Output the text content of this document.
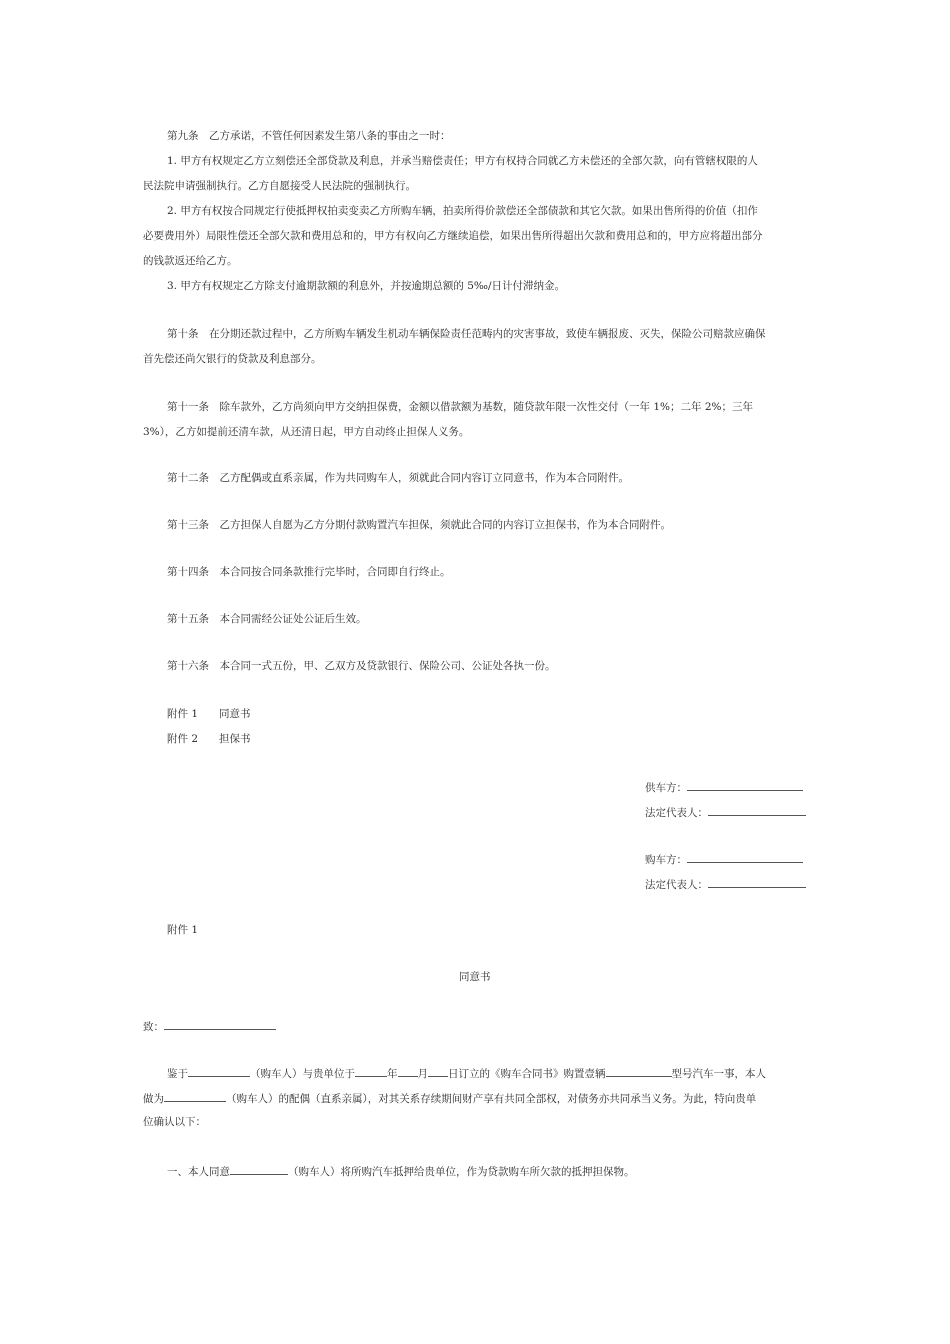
第九条　乙方承诺，不管任何因素发生第八条的事由之一时：
1. 甲方有权规定乙方立刻偿还全部贷款及利息，并承当赔偿责任；甲方有权持合同就乙方未偿还的全部欠款，向有管辖权限的人
民法院申请强制执行。乙方自愿接受人民法院的强制执行。
2. 甲方有权按合同规定行使抵押权拍卖变卖乙方所购车辆，拍卖所得价款偿还全部债款和其它欠款。如果出售所得的价值（扣作
必要费用外）局限性偿还全部欠款和费用总和的，甲方有权向乙方继续追偿，如果出售所得超出欠款和费用总和的，甲方应将超出部分
的钱款返还给乙方。
3. 甲方有权规定乙方除支付逾期款额的利息外，并按逾期总额的 5‰/日计付滞纳金。
第十条　在分期还款过程中，乙方所购车辆发生机动车辆保险责任范畴内的灾害事故，致使车辆报废、灭失，保险公司赔款应确保
首先偿还尚欠银行的贷款及利息部分。
第十一条　除车款外，乙方尚须向甲方交纳担保费，金额以借款额为基数，随贷款年限一次性交付（一年 1%；二年 2%；三年
3%），乙方如提前还清车款，从还清日起，甲方自动终止担保人义务。
第十二条　乙方配偶或直系亲属，作为共同购车人，须就此合同内容订立同意书，作为本合同附件。
第十三条　乙方担保人自愿为乙方分期付款购置汽车担保，须就此合同的内容订立担保书，作为本合同附件。
第十四条　本合同按合同条款推行完毕时，合同即自行终止。
第十五条　本合同需经公证处公证后生效。
第十六条　本合同一式五份，甲、乙双方及贷款银行、保险公司、公证处各执一份。
附件 1　　同意书
附件 2　　担保书
供车方：
法定代表人：
购车方：
法定代表人：
附件 1
同意书
致：
鉴于	（购车人）与贵单位于	年 月 日订立的《购车合同书》购置壹辆	型号汽车一事，本人
做为	（购车人）的配偶（直系亲属），对其关系存续期间财产享有共同全部权，对债务亦共同承当义务。为此，特向贵单
位确认以下：
一、本人同意	（购车人）将所购汽车抵押给贵单位，作为贷款购车所欠款的抵押担保物。
